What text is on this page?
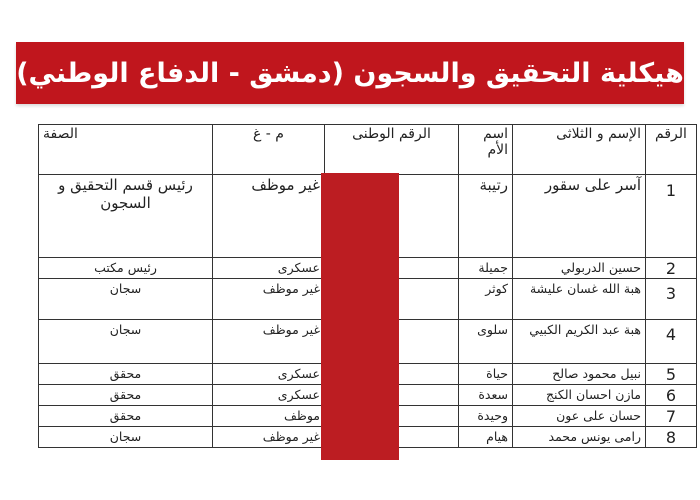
هيكلية التحقيق والسجون (دمشق - الدفاع الوطني)
الرقم	الإسم و الثلاثى	اسم الأم	الرقم الوطنى	م - غ	الصفة
1	آسر على سقور	رتيبة		غير موظف	رئيس قسم التحقيق و السجون
2	حسين الدربولي	جميلة		عسكرى	رئيس مكتب
3	هبة الله غسان عليشة	كوثر		غير موظف	سجان
4	هبة عبد الكريم الكبيي	سلوى		غير موظف	سجان
5	نبيل محمود صالح	حياة		عسكرى	محقق
6	مازن احسان الكنج	سعدة		عسكرى	محقق
7	حسان على عون	وحيدة		موظف	محقق
8	رامى يونس محمد	هيام		غير موظف	سجان
